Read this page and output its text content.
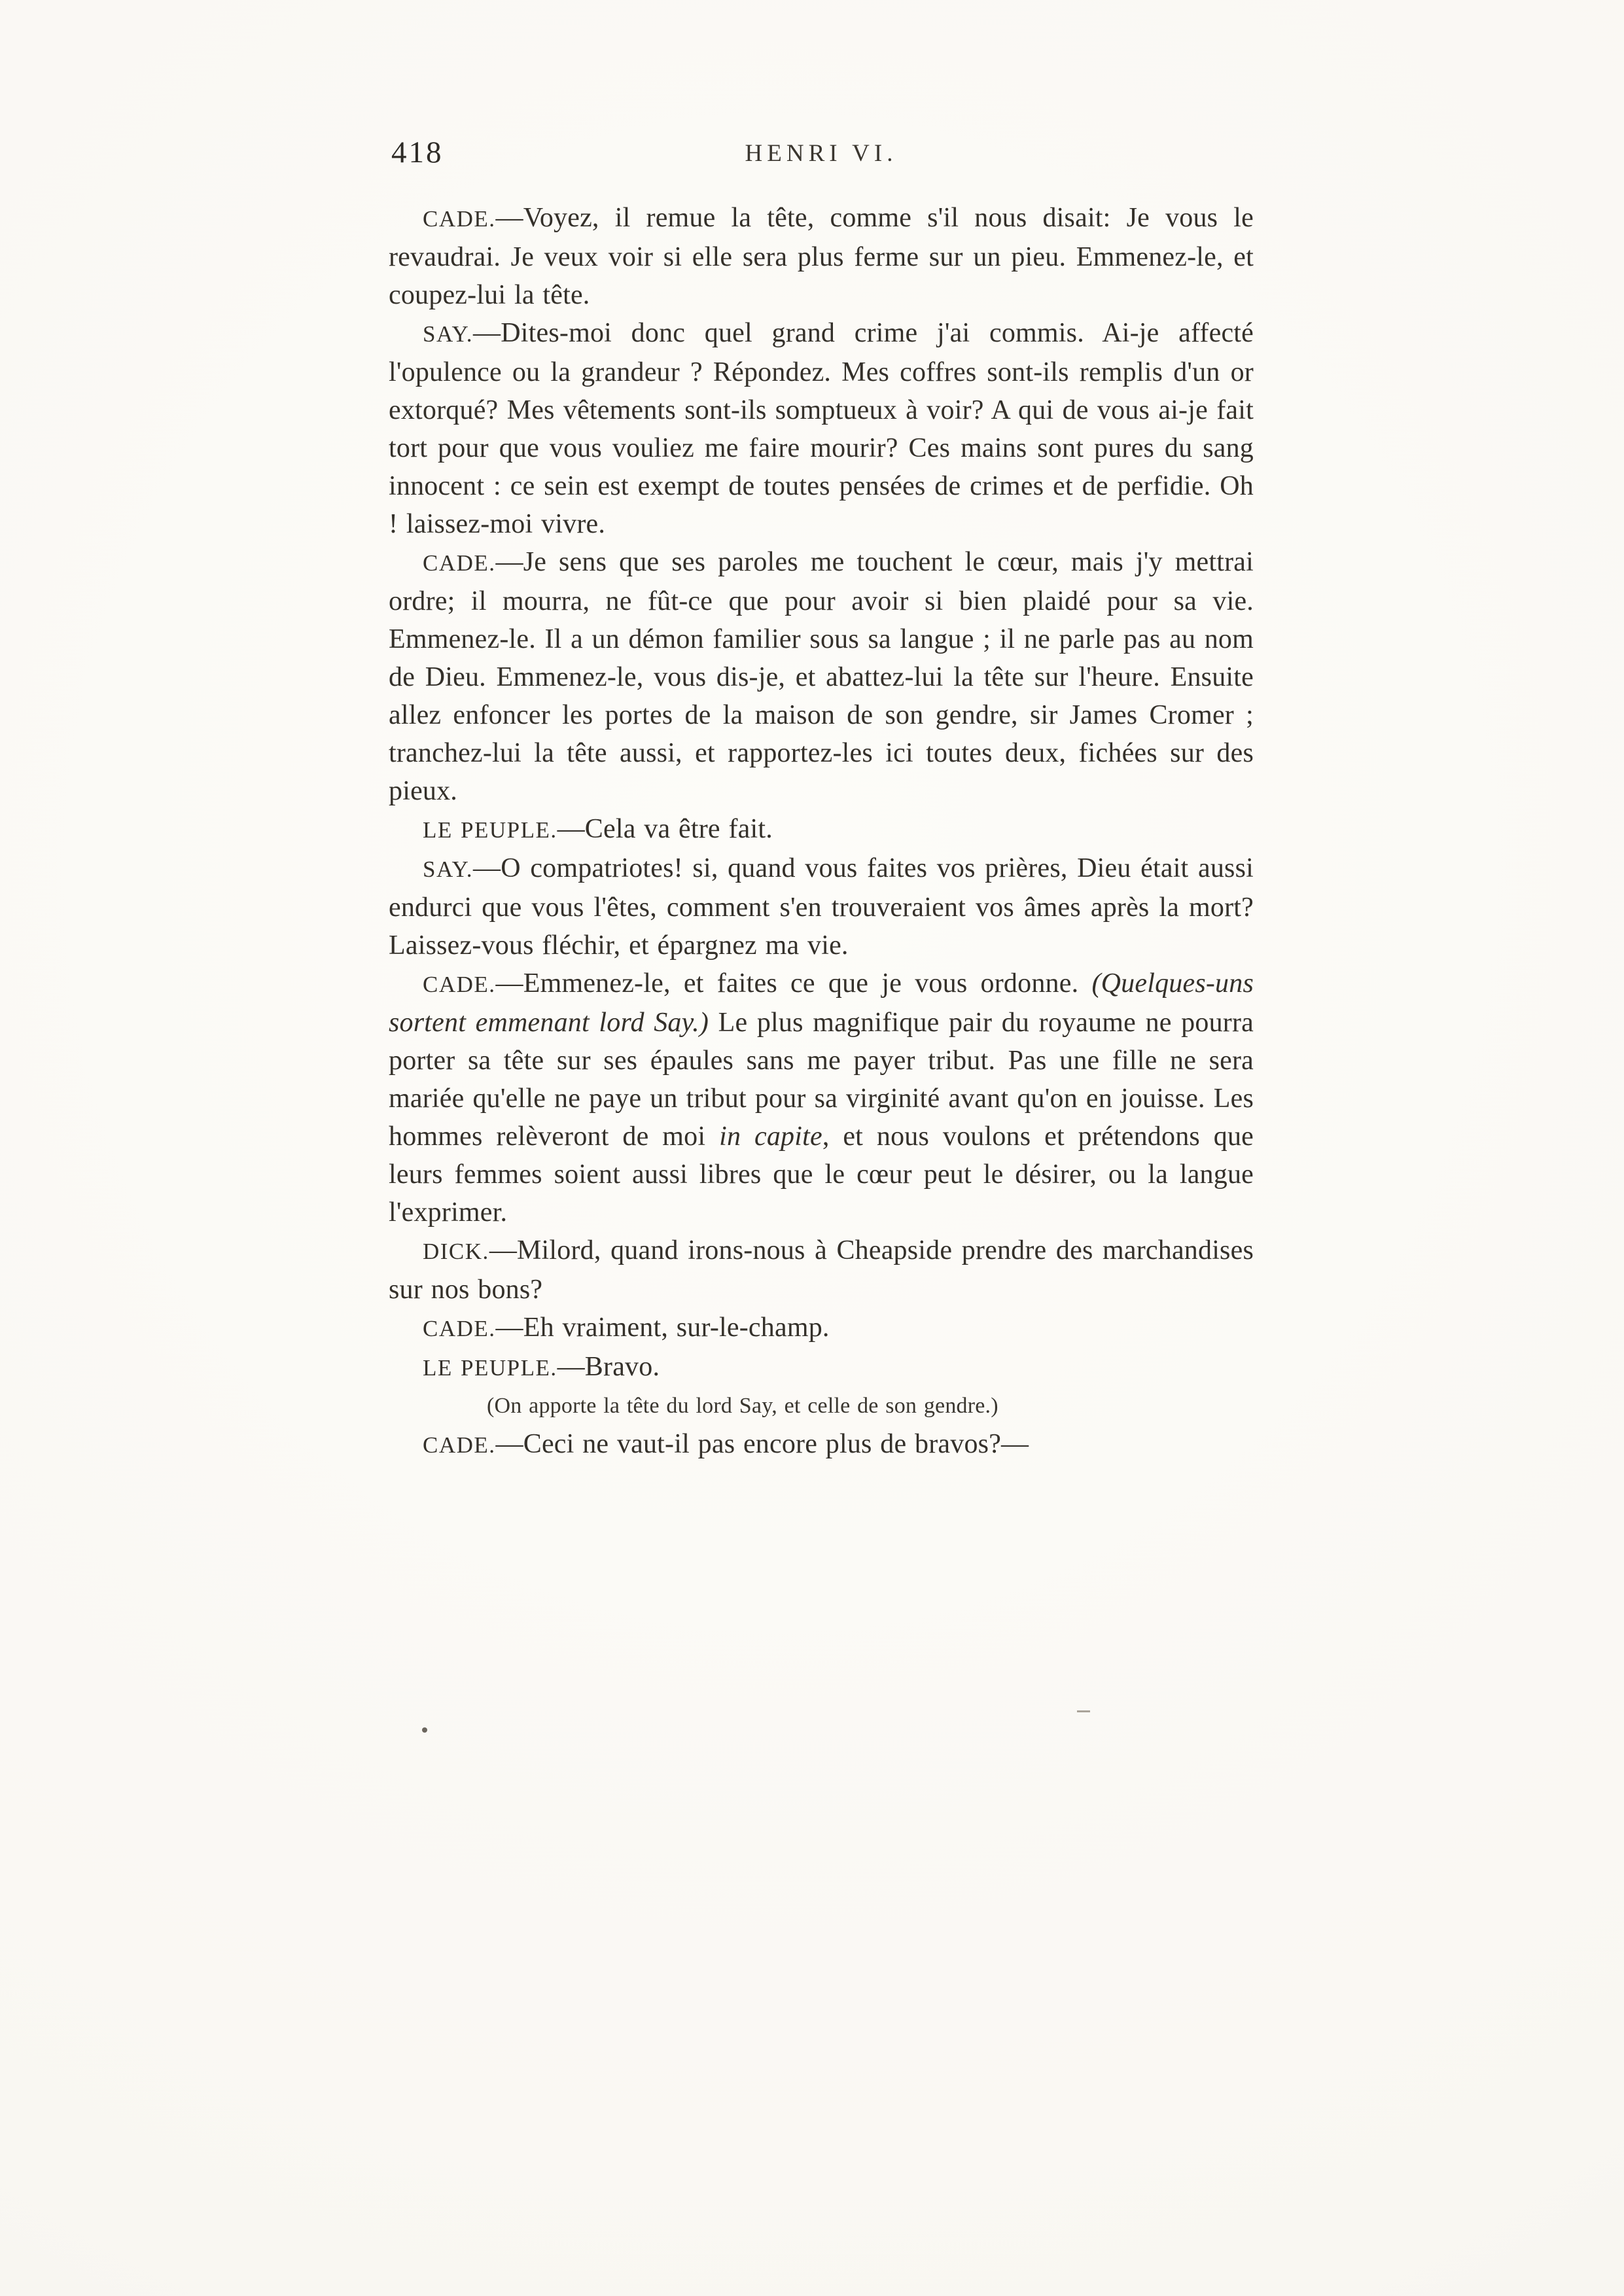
418	HENRI VI.

CADE.—Voyez, il remue la tête, comme s'il nous disait: Je vous le revaudrai. Je veux voir si elle sera plus ferme sur un pieu. Emmenez-le, et coupez-lui la tête.

SAY.—Dites-moi donc quel grand crime j'ai commis. Ai-je affecté l'opulence ou la grandeur ? Répondez. Mes coffres sont-ils remplis d'un or extorqué? Mes vêtements sont-ils somptueux à voir? A qui de vous ai-je fait tort pour que vous vouliez me faire mourir? Ces mains sont pures du sang innocent : ce sein est exempt de toutes pensées de crimes et de perfidie. Oh ! laissez-moi vivre.

CADE.—Je sens que ses paroles me touchent le cœur, mais j'y mettrai ordre; il mourra, ne fût-ce que pour avoir si bien plaidé pour sa vie. Emmenez-le. Il a un démon familier sous sa langue ; il ne parle pas au nom de Dieu. Emmenez-le, vous dis-je, et abattez-lui la tête sur l'heure. Ensuite allez enfoncer les portes de la maison de son gendre, sir James Cromer ; tranchez-lui la tête aussi, et rapportez-les ici toutes deux, fichées sur des pieux.

LE PEUPLE.—Cela va être fait.

SAY.—O compatriotes! si, quand vous faites vos prières, Dieu était aussi endurci que vous l'êtes, comment s'en trouveraient vos âmes après la mort? Laissez-vous fléchir, et épargnez ma vie.

CADE.—Emmenez-le, et faites ce que je vous ordonne. (Quelques-uns sortent emmenant lord Say.) Le plus magnifique pair du royaume ne pourra porter sa tête sur ses épaules sans me payer tribut. Pas une fille ne sera mariée qu'elle ne paye un tribut pour sa virginité avant qu'on en jouisse. Les hommes relèveront de moi in capite, et nous voulons et prétendons que leurs femmes soient aussi libres que le cœur peut le désirer, ou la langue l'exprimer.

DICK.—Milord, quand irons-nous à Cheapside prendre des marchandises sur nos bons?

CADE.—Eh vraiment, sur-le-champ.

LE PEUPLE.—Bravo.

(On apporte la tête du lord Say, et celle de son gendre.)

CADE.—Ceci ne vaut-il pas encore plus de bravos?—
